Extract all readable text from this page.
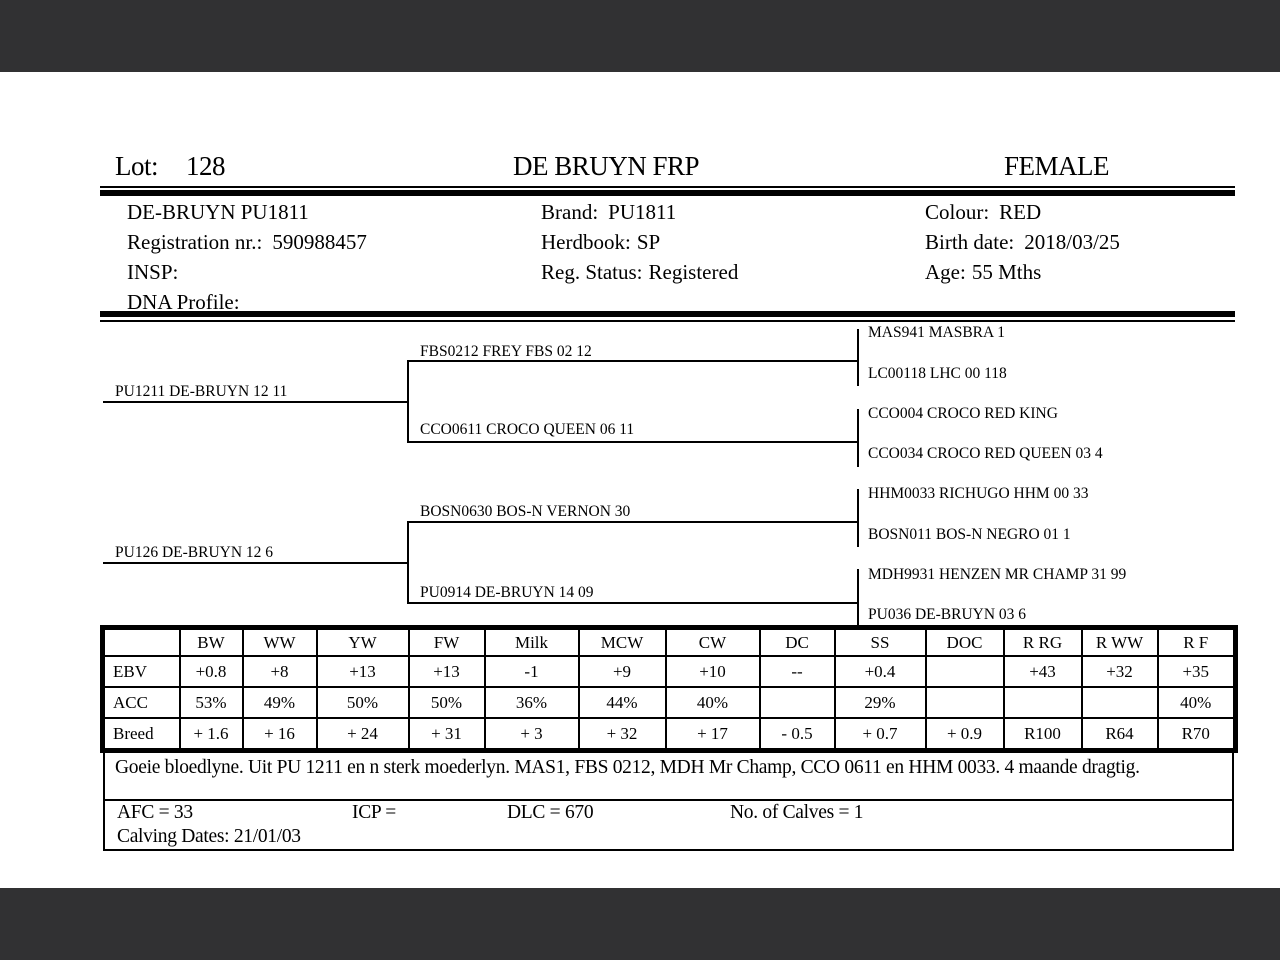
Lot: 128	DE BRUYN FRP	FEMALE
DE-BRUYN PU1811
Registration nr.: 590988457
INSP:
DNA Profile:
Brand: PU1811
Herdbook: SP
Reg. Status: Registered
Colour: RED
Birth date: 2018/03/25
Age: 55 Mths
PU1211 DE-BRUYN 12 11
FBS0212 FREY FBS 02 12
CCO0611 CROCO QUEEN 06 11
MAS941 MASBRA 1
LC00118 LHC 00 118
CCO004 CROCO RED KING
CCO034 CROCO RED QUEEN 03 4
PU126 DE-BRUYN 12 6
BOSN0630 BOS-N VERNON 30
PU0914 DE-BRUYN 14 09
HHM0033 RICHUGO HHM 00 33
BOSN011 BOS-N NEGRO 01 1
MDH9931 HENZEN MR CHAMP 31 99
PU036 DE-BRUYN 03 6
	BW	WW	YW	FW	Milk	MCW	CW	DC	SS	DOC	R RG	R WW	R F
EBV	+0.8	+8	+13	+13	-1	+9	+10	--	+0.4		+43	+32	+35
ACC	53%	49%	50%	50%	36%	44%	40%		29%				40%
Breed	+ 1.6	+ 16	+ 24	+ 31	+ 3	+ 32	+ 17	- 0.5	+ 0.7	+ 0.9	R100	R64	R70
Goeie bloedlyne. Uit PU 1211 en n sterk moederlyn. MAS1, FBS 0212, MDH Mr Champ, CCO 0611 en HHM 0033. 4 maande dragtig.
AFC = 33	ICP =	DLC = 670	No. of Calves = 1
Calving Dates: 21/01/03
